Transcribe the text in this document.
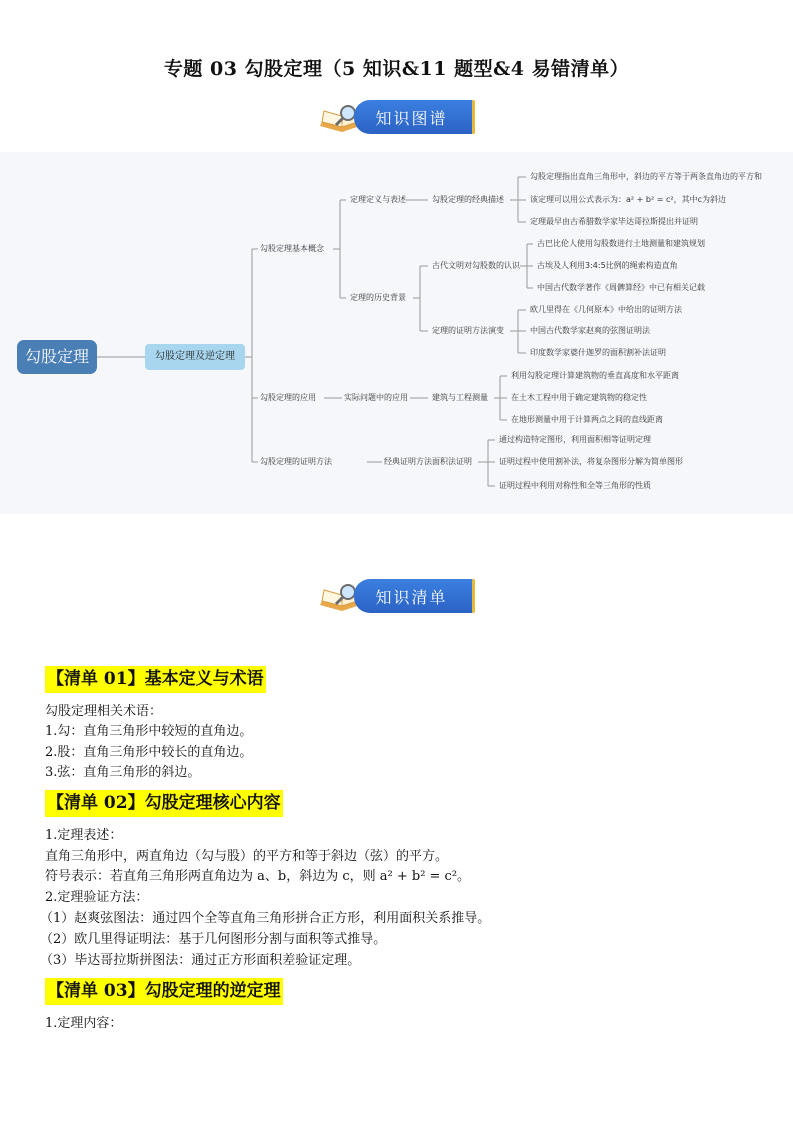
专题 03 勾股定理（5 知识&11 题型&4 易错清单）
知识图谱
勾股定理	勾股定理及逆定理
勾股定理基本概念
勾股定理的应用
勾股定理的证明方法
定理定义与表述
定理的历史背景
实际问题中的应用
经典证明方法
勾股定理的经典描述
古代文明对勾股数的认识
定理的证明方法演变
建筑与工程测量
面积法证明
勾股定理指出直角三角形中，斜边的平方等于两条直角边的平方和
该定理可以用公式表示为：a² + b² = c²，其中c为斜边
定理最早由古希腊数学家毕达哥拉斯提出并证明
古巴比伦人使用勾股数进行土地测量和建筑规划
古埃及人利用3:4:5比例的绳索构造直角
中国古代数学著作《周髀算经》中已有相关记载
欧几里得在《几何原本》中给出的证明方法
中国古代数学家赵爽的弦图证明法
印度数学家婆什迦罗的面积割补法证明
利用勾股定理计算建筑物的垂直高度和水平距离
在土木工程中用于确定建筑物的稳定性
在地形测量中用于计算两点之间的直线距离
通过构造特定图形，利用面积相等证明定理
证明过程中使用割补法，将复杂图形分解为简单图形
证明过程中利用对称性和全等三角形的性质
知识清单
【清单 01】基本定义与术语
勾股定理相关术语：
1.勾：直角三角形中较短的直角边。
2.股：直角三角形中较长的直角边。
3.弦：直角三角形的斜边。
【清单 02】勾股定理核心内容
1.定理表述：
直角三角形中，两直角边（勾与股）的平方和等于斜边（弦）的平方。
符号表示：若直角三角形两直角边为 a、b，斜边为 c，则 a² + b² = c²。
2.定理验证方法：
（1）赵爽弦图法：通过四个全等直角三角形拼合正方形，利用面积关系推导。
（2）欧几里得证明法：基于几何图形分割与面积等式推导。
（3）毕达哥拉斯拼图法：通过正方形面积差验证定理。
【清单 03】勾股定理的逆定理
1.定理内容：
